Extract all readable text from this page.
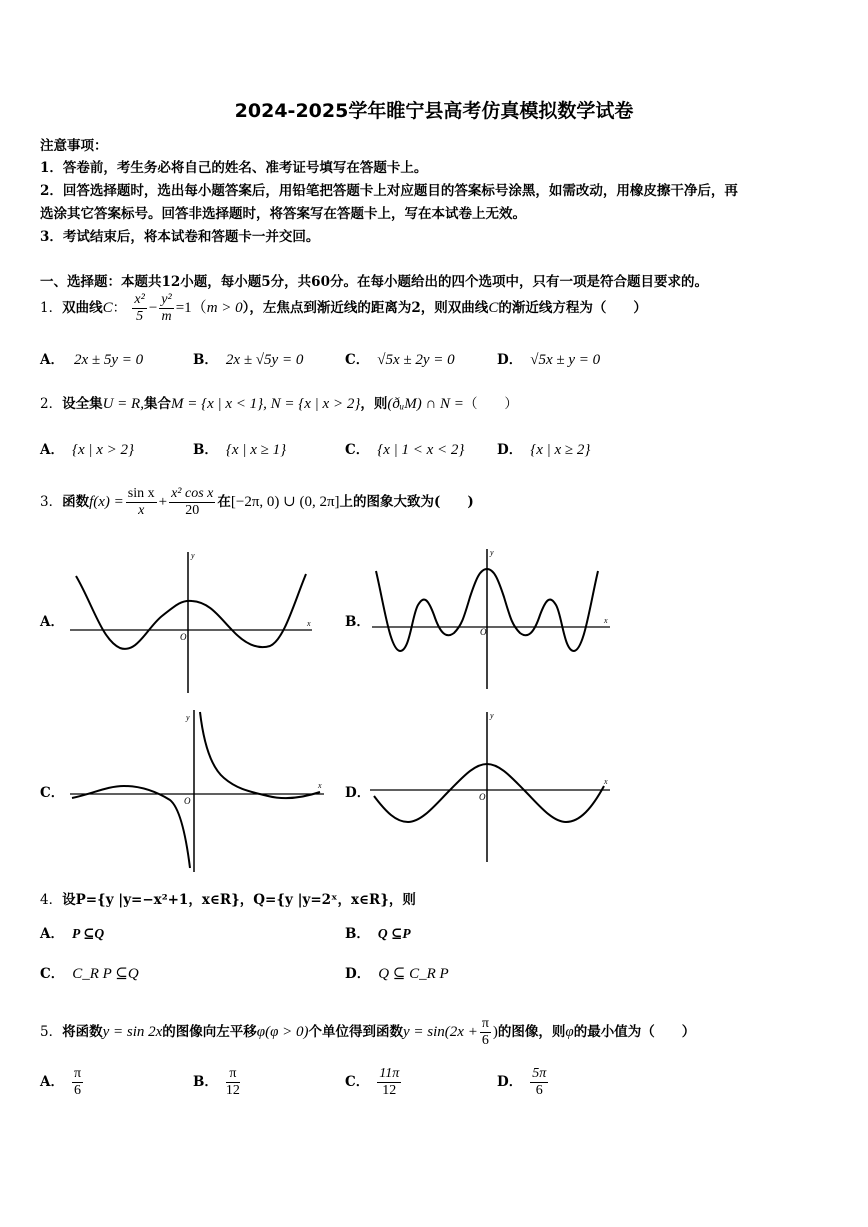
2024-2025学年睢宁县高考仿真模拟数学试卷
注意事项：
1．答卷前，考生务必将自己的姓名、准考证号填写在答题卡上。
2．回答选择题时，选出每小题答案后，用铅笔把答题卡上对应题目的答案标号涂黑，如需改动，用橡皮擦干净后，再
选涂其它答案标号。回答非选择题时，将答案写在答题卡上，写在本试卷上无效。
3．考试结束后，将本试卷和答题卡一并交回。
一、选择题：本题共12小题，每小题5分，共60分。在每小题给出的四个选项中，只有一项是符合题目要求的。
1．双曲线C： $\frac{\text{x²}}{5} - \frac{\text{y²}}{m} =1(m > 0)$，左焦点到渐近线的距离为2，则双曲线C的渐近线方程为（　　）
A． 2x ± 5y = 0	B． 2x ± √5y = 0	C． √5x ± 2y = 0	D． √5x ± y = 0
2．设全集U = R,集合M = {x | x < 1}, N = {x | x > 2}，则(ðᵤM) ∩ N =（　　）
A． {x | x > 2}	B． {x | x ≥ 1}	C． {x | 1 < x < 2} D． {x | x ≥ 2}
3．函数$f(x) = \frac{\text{sin x}}{x} + \frac{\text{x² cos x}}{20}$ 在[−2π, 0) ∪ (0, 2π]上的图象大致为(　　)
A．
O
y
x	B．
O
y
x
C．	O
y
x D．	O
y
x
4．设P={y |y=−x²+1，x∈R}，Q={y |y=2ˣ，x∈R}，则
A． P ⊆Q	B． Q ⊆P
C． C_R P ⊆Q	D． Q ⊆ C_R P
5．将函数y = sin 2x的图像向左平移φ(φ > 0)个单位得到函数$y = \sin(2x + \frac{\pi}{6}$ )的图像，则φ的最小值为（　　）
A． $\frac{\pi}{6}$	B． $\frac{\pi}{12}$	C． $\frac{11\pi}{12}$	D． $\frac{5\pi}{6}$
